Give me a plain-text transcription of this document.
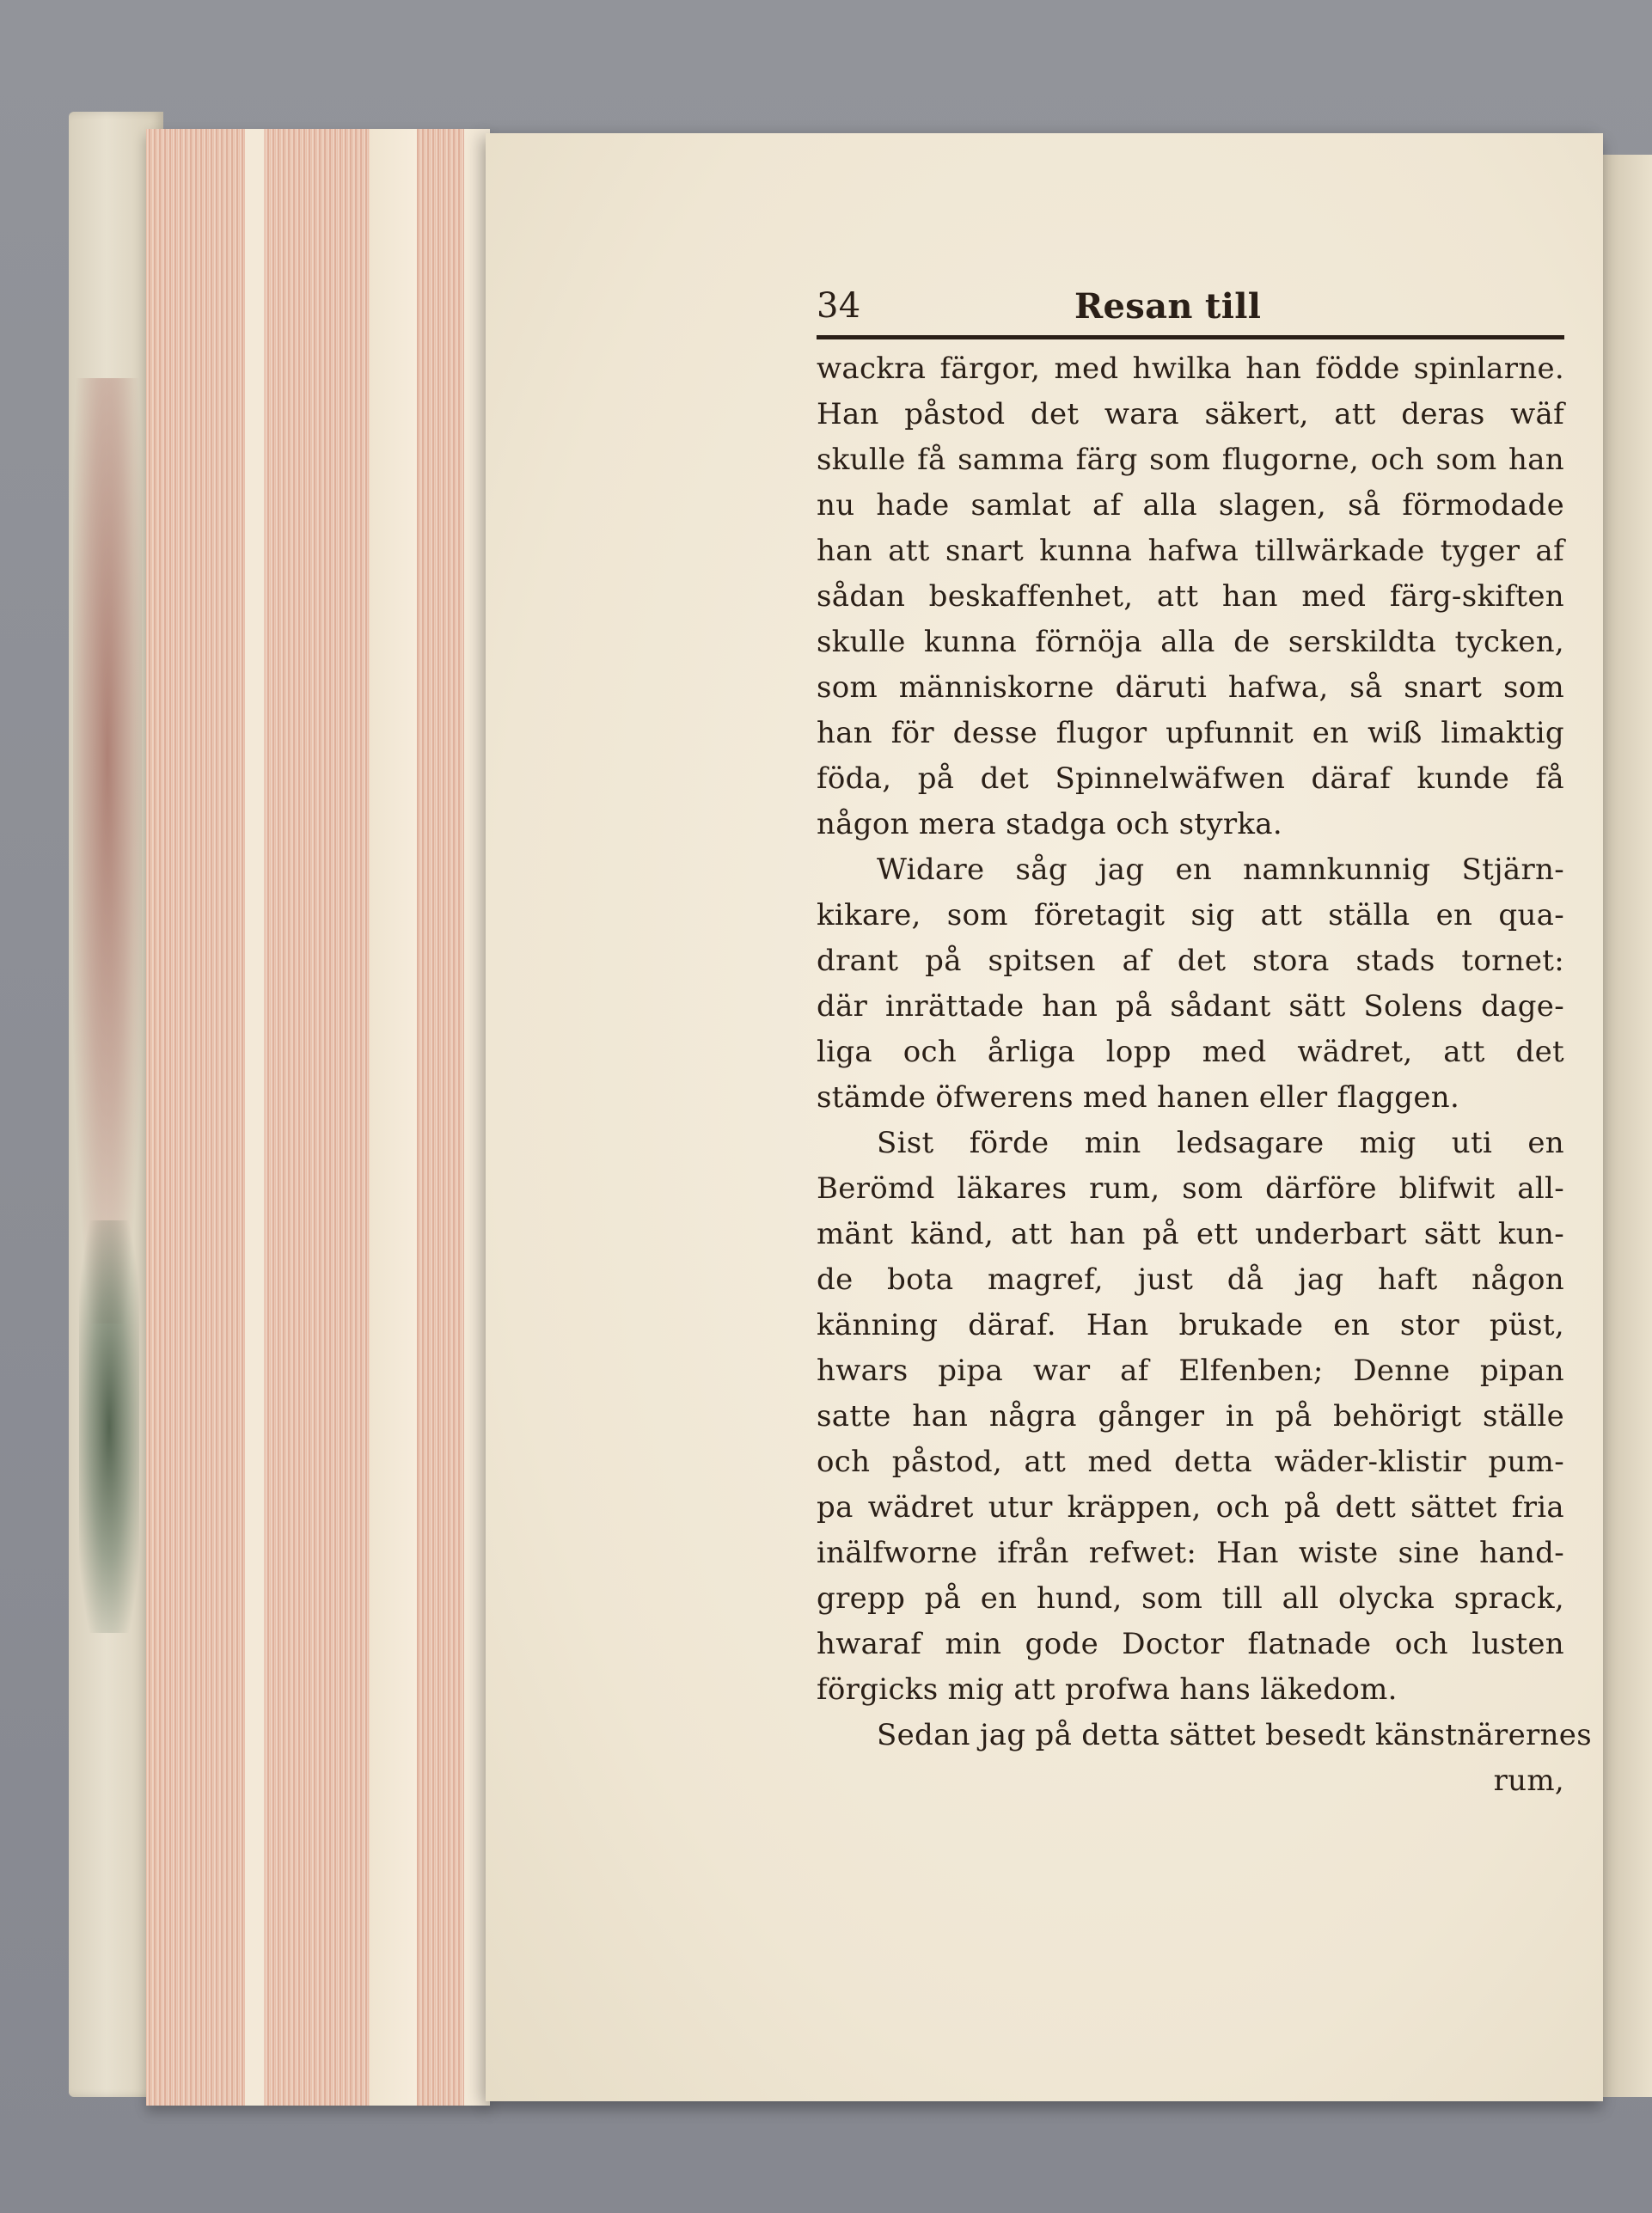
34	Resan till
wackra färgor, med hwilka han födde spinlarne.
Han påstod det wara säkert, att deras wäf
skulle få samma färg som flugorne, och som han
nu hade samlat af alla slagen, så förmodade
han att snart kunna hafwa tillwärkade tyger af
sådan beskaffenhet, att han med färg-skiften
skulle kunna förnöja alla de serskildta tycken,
som människorne däruti hafwa, så snart som
han för desse flugor upfunnit en wiß limaktig
föda, på det Spinnelwäfwen däraf kunde få
någon mera stadga och styrka.
Widare såg jag en namnkunnig Stjärn-
kikare, som företagit sig att ställa en qua-
drant på spitsen af det stora stads tornet:
där inrättade han på sådant sätt Solens dage-
liga och årliga lopp med wädret, att det
stämde öfwerens med hanen eller flaggen.
Sist förde min ledsagare mig uti en
Berömd läkares rum, som därföre blifwit all-
mänt känd, att han på ett underbart sätt kun-
de bota magref, just då jag haft någon
känning däraf. Han brukade en stor püst,
hwars pipa war af Elfenben; Denne pipan
satte han några gånger in på behörigt ställe
och påstod, att med detta wäder-klistir pum-
pa wädret utur kräppen, och på dett sättet fria
inälfworne ifrån refwet: Han wiste sine hand-
grepp på en hund, som till all olycka sprack,
hwaraf min gode Doctor flatnade och lusten
förgicks mig att profwa hans läkedom.
Sedan jag på detta sättet besedt känstnärernes
rum,
